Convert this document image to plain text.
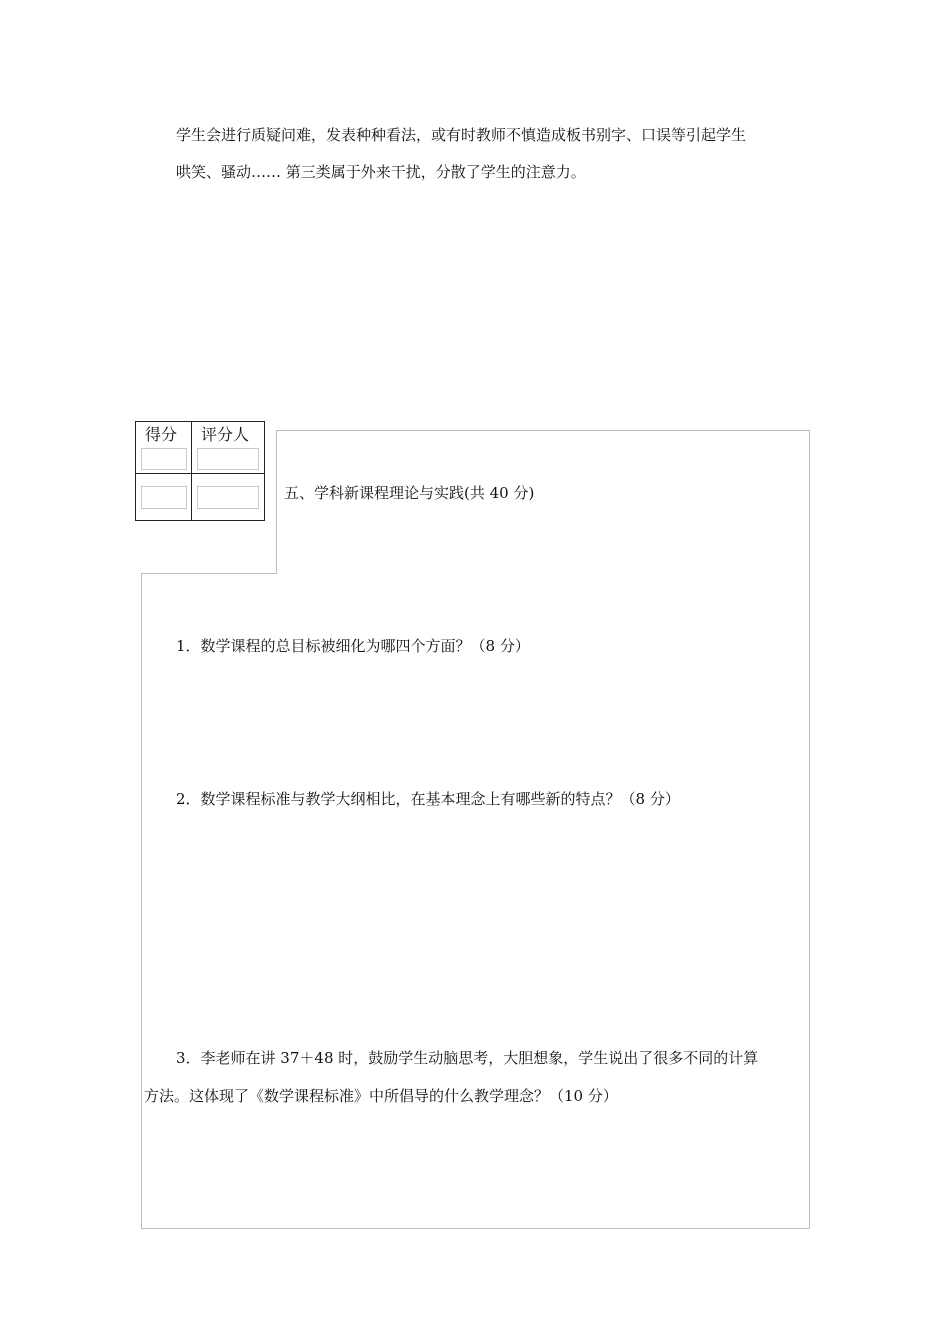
学生会进行质疑问难，发表种种看法，或有时教师不慎造成板书别字、口误等引起学生
哄笑、骚动…… 第三类属于外来干扰，分散了学生的注意力。
得分 评分人
五、学科新课程理论与实践(共 40 分)
1．数学课程的总目标被细化为哪四个方面？（8 分）
2．数学课程标准与教学大纲相比，在基本理念上有哪些新的特点？（8 分）
3．李老师在讲 37＋48 时，鼓励学生动脑思考，大胆想象，学生说出了很多不同的计算
方法。这体现了《数学课程标准》中所倡导的什么教学理念？（10 分）
